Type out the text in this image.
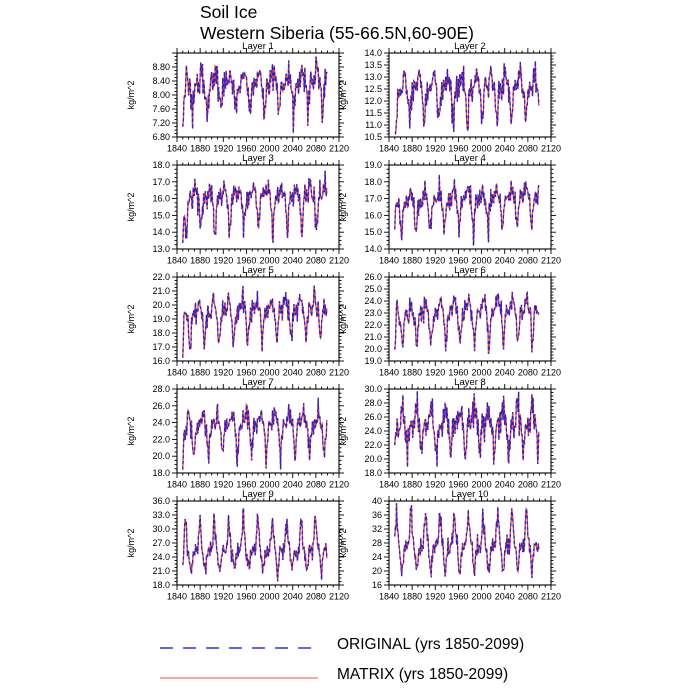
Soil Ice
Western Siberia (55-66.5N,60-90E)
Layer 1
kg/m^2
1840 1880 1920 1960 2000 2040 2080 2120
6.80
7.20
7.60
8.00
8.40
8.80
Layer 2
kg/m^2
1840 1880 1920 1960 2000 2040 2080 2120
10.5
11.0
11.5
12.0
12.5
13.0
13.5
14.0
Layer 3
kg/m^2
1840 1880 1920 1960 2000 2040 2080 2120
13.0
14.0
15.0
16.0
17.0
18.0
Layer 4
kg/m^2
1840 1880 1920 1960 2000 2040 2080 2120
14.0
15.0
16.0
17.0
18.0
19.0
Layer 5
kg/m^2
1840 1880 1920 1960 2000 2040 2080 2120
16.0
17.0
18.0
19.0
20.0
21.0
22.0
Layer 6
kg/m^2
1840 1880 1920 1960 2000 2040 2080 2120
19.0
20.0
21.0
22.0
23.0
24.0
25.0
26.0
Layer 7
kg/m^2
1840 1880 1920 1960 2000 2040 2080 2120
18.0
20.0
22.0
24.0
26.0
28.0
Layer 8
kg/m^2
1840 1880 1920 1960 2000 2040 2080 2120
18.0
20.0
22.0
24.0
26.0
28.0
30.0
Layer 9
kg/m^2
1840 1880 1920 1960 2000 2040 2080 2120
18.0
21.0
24.0
27.0
30.0
33.0
36.0
Layer 10
kg/m^2
1840 1880 1920 1960 2000 2040 2080 2120
16
20
24
28
32
36
40
ORIGINAL (yrs 1850-2099)
MATRIX (yrs 1850-2099)
